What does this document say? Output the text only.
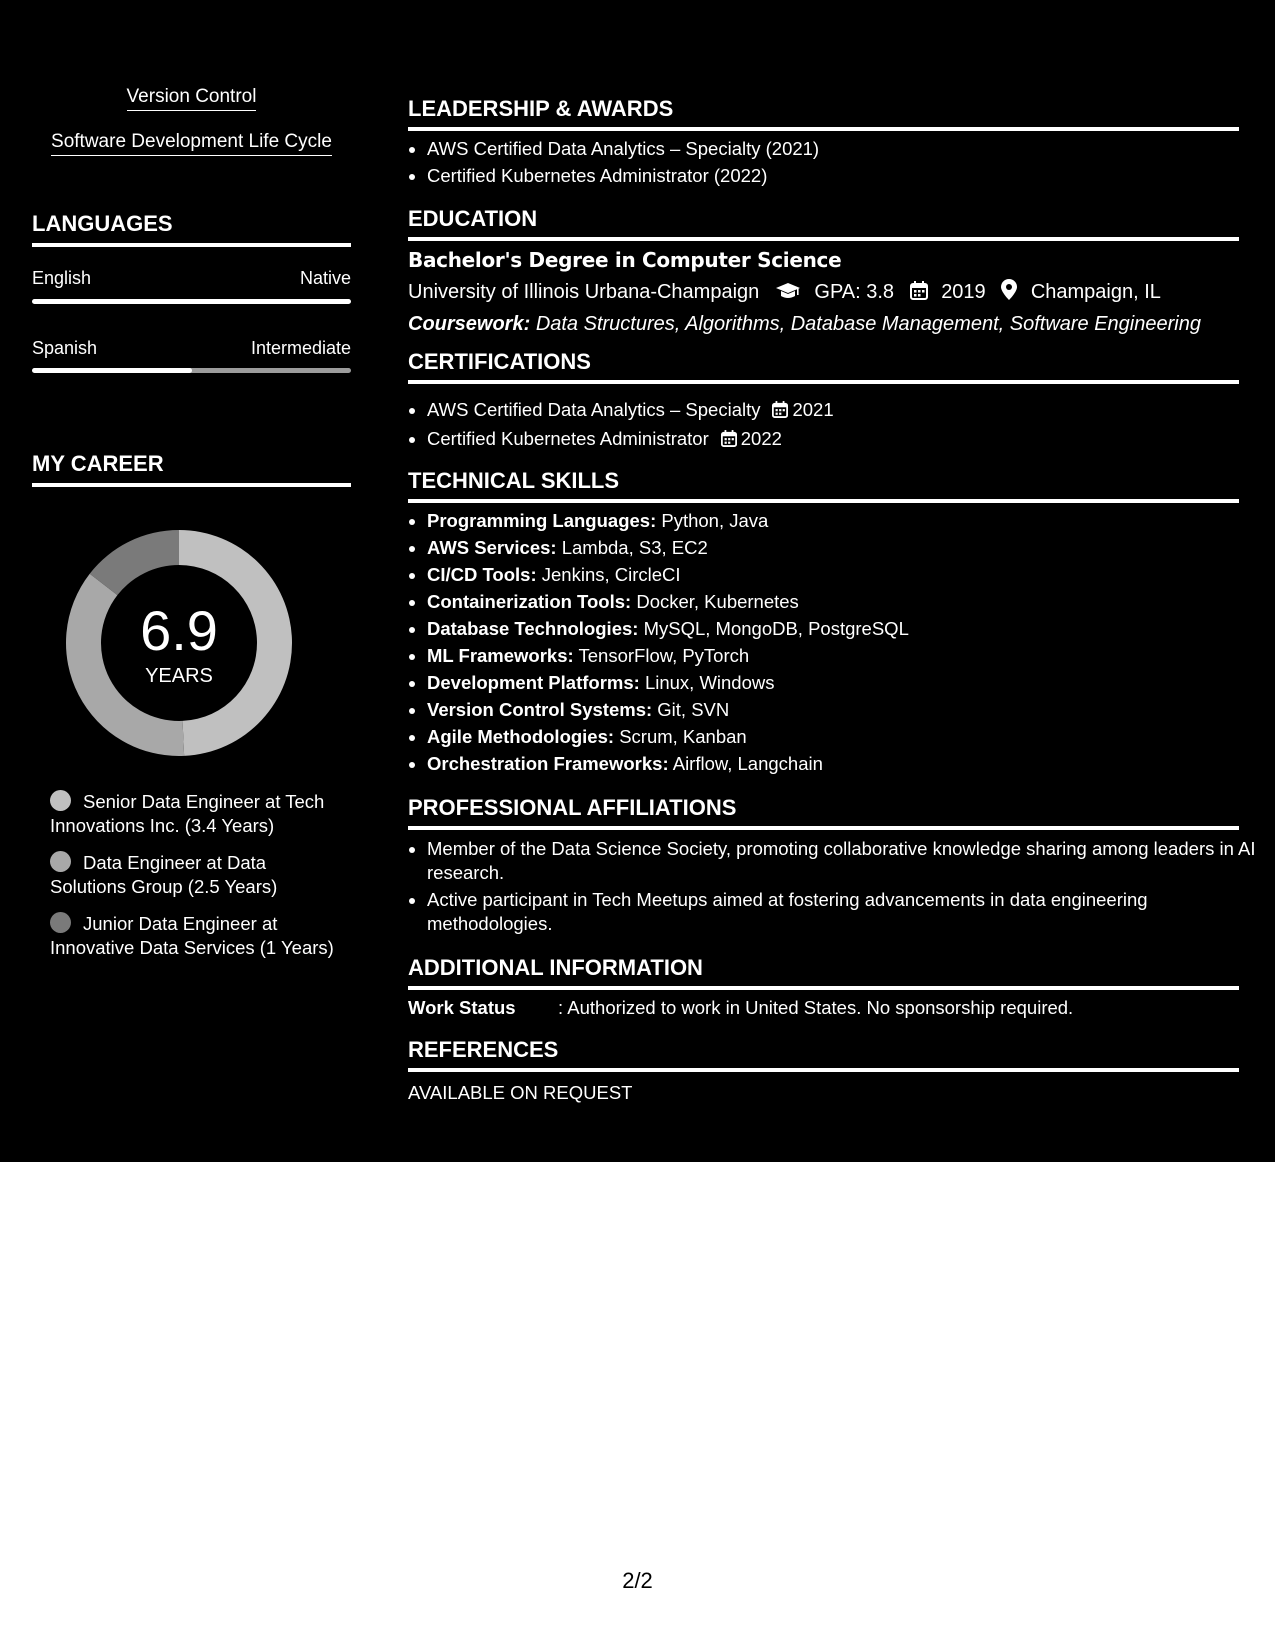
Version Control
Software Development Life Cycle
LANGUAGES
English	Native
Spanish	Intermediate
MY CAREER
6.9
YEARS
Senior Data Engineer at Tech Innovations Inc. (3.4 Years)
Data Engineer at Data Solutions Group (2.5 Years)
Junior Data Engineer at Innovative Data Services (1 Years)
LEADERSHIP & AWARDS
• AWS Certified Data Analytics – Specialty (2021)
• Certified Kubernetes Administrator (2022)
EDUCATION
Bachelor's Degree in Computer Science
University of Illinois Urbana-Champaign	GPA: 3.8 2019 Champaign, IL
Coursework: Data Structures, Algorithms, Database Management, Software Engineering
CERTIFICATIONS
• AWS Certified Data Analytics – Specialty 2021
• Certified Kubernetes Administrator 2022
TECHNICAL SKILLS
• Programming Languages: Python, Java
• AWS Services: Lambda, S3, EC2
• CI/CD Tools: Jenkins, CircleCI
• Containerization Tools: Docker, Kubernetes
• Database Technologies: MySQL, MongoDB, PostgreSQL
• ML Frameworks: TensorFlow, PyTorch
• Development Platforms: Linux, Windows
• Version Control Systems: Git, SVN
• Agile Methodologies: Scrum, Kanban
• Orchestration Frameworks: Airflow, Langchain
PROFESSIONAL AFFILIATIONS
• Member of the Data Science Society, promoting collaborative knowledge sharing among leaders in AI research.
• Active participant in Tech Meetups aimed at fostering advancements in data engineering methodologies.
ADDITIONAL INFORMATION
Work Status : Authorized to work in United States. No sponsorship required.
REFERENCES
AVAILABLE ON REQUEST
2/2
